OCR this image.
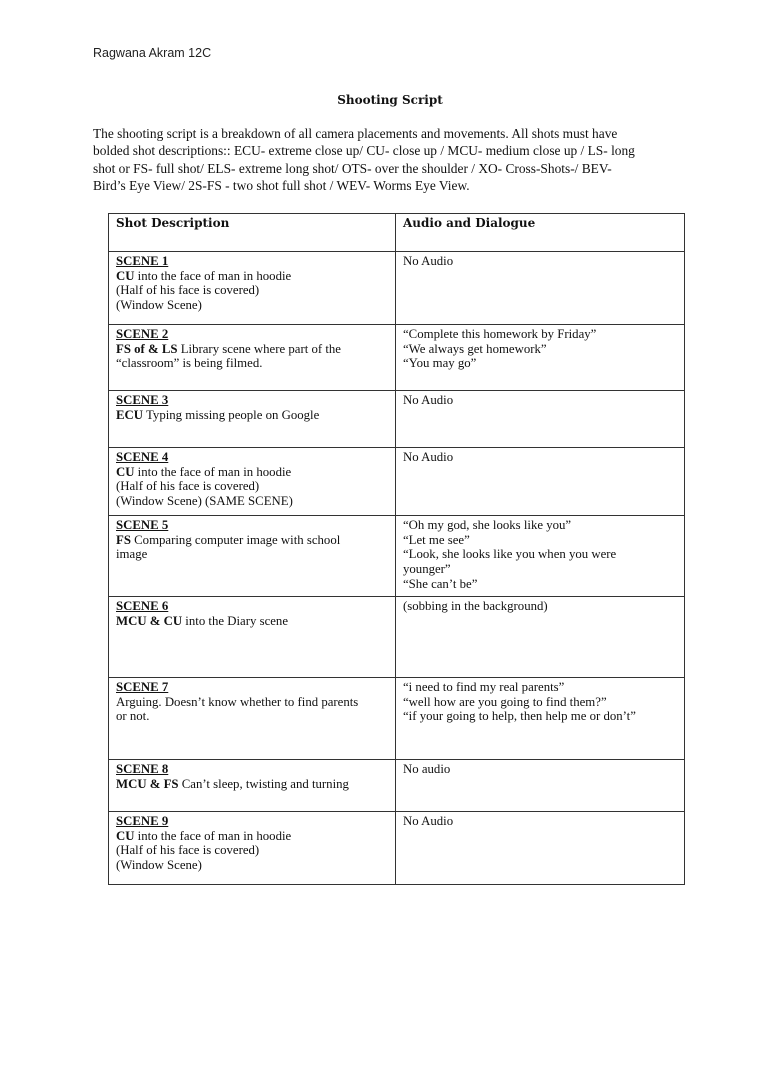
Ragwana Akram 12C
Shooting Script
The shooting script is a breakdown of all camera placements and movements. All shots must have
bolded shot descriptions:: ECU- extreme close up/ CU- close up / MCU- medium close up / LS- long
shot or FS- full shot/ ELS- extreme long shot/ OTS- over the shoulder / XO- Cross-Shots-/ BEV-
Bird’s Eye View/ 2S-FS - two shot full shot / WEV- Worms Eye View.
Shot Description	Audio and Dialogue

SCENE 1
CU into the face of man in hoodie
(Half of his face is covered)
(Window Scene)	No Audio

SCENE 2
FS of & LS Library scene where part of the
“classroom” is being filmed.	“Complete this homework by Friday”
“We always get homework”
“You may go”

SCENE 3
ECU Typing missing people on Google	No Audio

SCENE 4
CU into the face of man in hoodie
(Half of his face is covered)
(Window Scene) (SAME SCENE)	No Audio

SCENE 5
FS Comparing computer image with school
image	“Oh my god, she looks like you”
“Let me see”
“Look, she looks like you when you were
younger”
“She can’t be”

SCENE 6
MCU & CU into the Diary scene	(sobbing in the background)

SCENE 7
Arguing. Doesn’t know whether to find parents
or not.	“i need to find my real parents”
“well how are you going to find them?”
“if your going to help, then help me or don’t”

SCENE 8
MCU & FS Can’t sleep, twisting and turning	No audio

SCENE 9
CU into the face of man in hoodie
(Half of his face is covered)
(Window Scene)	No Audio
